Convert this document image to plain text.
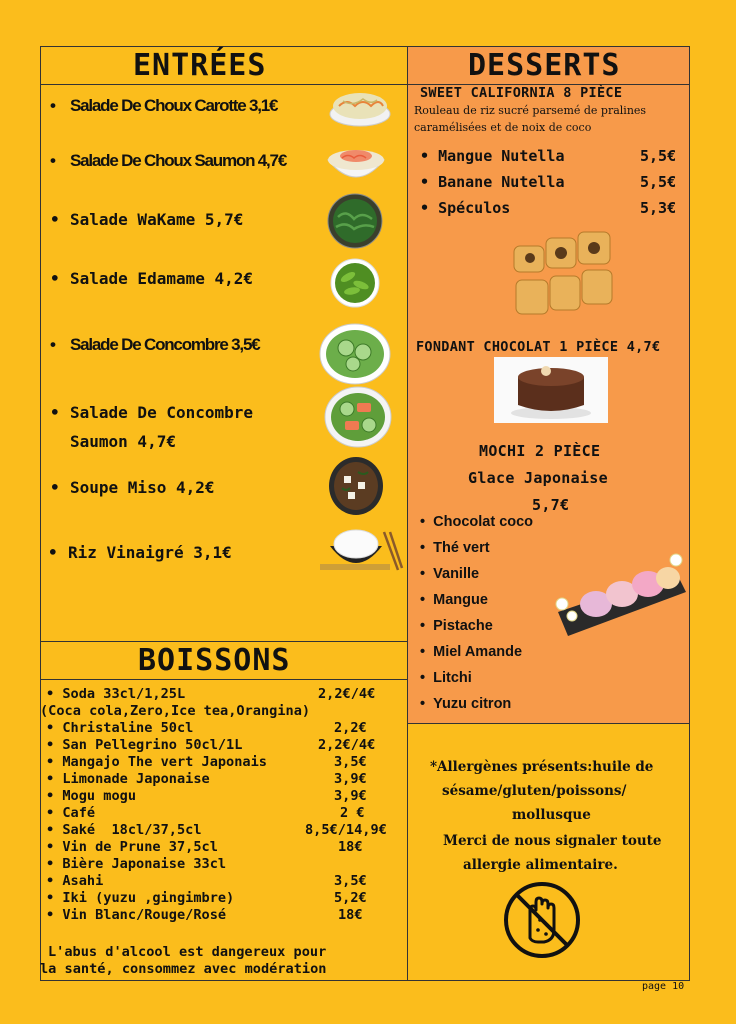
ENTRÉES
• Salade De Choux Carotte 3,1€
• Salade De Choux Saumon 4,7€
• Salade WaKame 5,7€
• Salade Edamame 4,2€
• Salade De Concombre 3,5€
• Salade De Concombre
Saumon 4,7€
• Soupe Miso 4,2€
• Riz Vinaigré 3,1€
BOISSONS
• Soda 33cl/1,25L	2,2€/4€
(Coca cola,Zero,Ice tea,Orangina)
• Christaline 50cl	2,2€
• San Pellegrino 50cl/1L	2,2€/4€
• Mangajo The vert Japonais	3,5€
• Limonade Japonaise	3,9€
• Mogu mogu	3,9€
• Café	2 €
• Saké  18cl/37,5cl	8,5€/14,9€
• Vin de Prune 37,5cl	18€
• Bière Japonaise 33cl
• Asahi	3,5€
• Iki (yuzu ,gingimbre)	5,2€
• Vin Blanc/Rouge/Rosé	18€
L'abus d'alcool est dangereux pour
la santé, consommez avec modération
DESSERTS
SWEET CALIFORNIA 8 PIÈCE
Rouleau de riz sucré parsemé de pralines
caramélisées et de noix de coco
• Mangue Nutella	5,5€
• Banane Nutella	5,5€
• Spéculos	5,3€
FONDANT CHOCOLAT 1 PIÈCE 4,7€
MOCHI 2 PIÈCE
Glace Japonaise
5,7€
•  Chocolat coco
•  Thé vert
•  Vanille
•  Mangue
•  Pistache
•  Miel Amande
•  Litchi
•  Yuzu citron
*Allergènes présents:huile de
sésame/gluten/poissons/
mollusque
Merci de nous signaler toute
allergie alimentaire.
page 10
